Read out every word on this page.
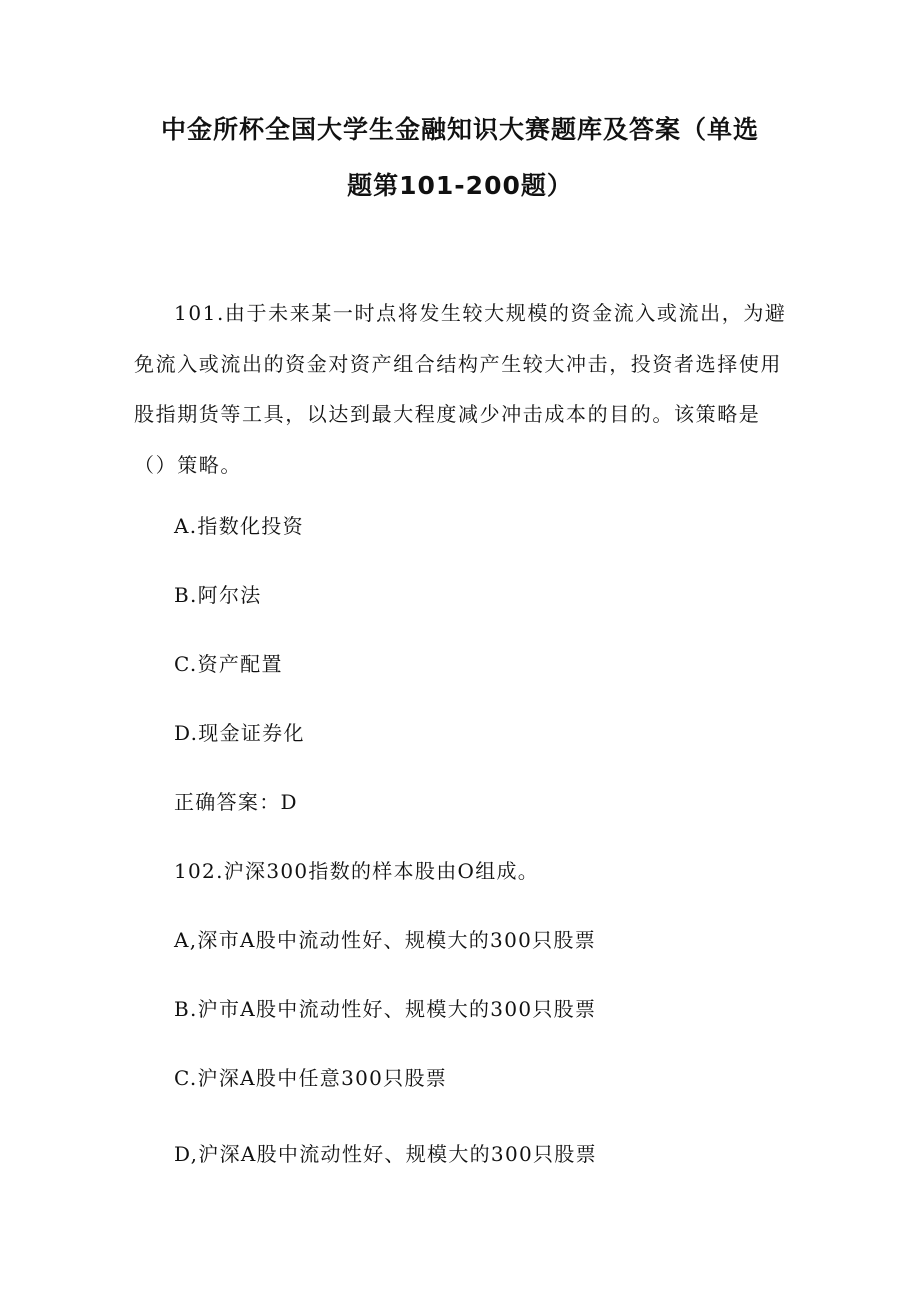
中金所杯全国大学生金融知识大赛题库及答案（单选
题第101-200题）
101.由于未来某一时点将发生较大规模的资金流入或流出，为避
免流入或流出的资金对资产组合结构产生较大冲击，投资者选择使用
股指期货等工具，以达到最大程度减少冲击成本的目的。该策略是
（）策略。
A.指数化投资
B.阿尔法
C.资产配置
D.现金证券化
正确答案：D
102.沪深300指数的样本股由O组成。
A,深市A股中流动性好、规模大的300只股票
B.沪市A股中流动性好、规模大的300只股票
C.沪深A股中任意300只股票
D,沪深A股中流动性好、规模大的300只股票
